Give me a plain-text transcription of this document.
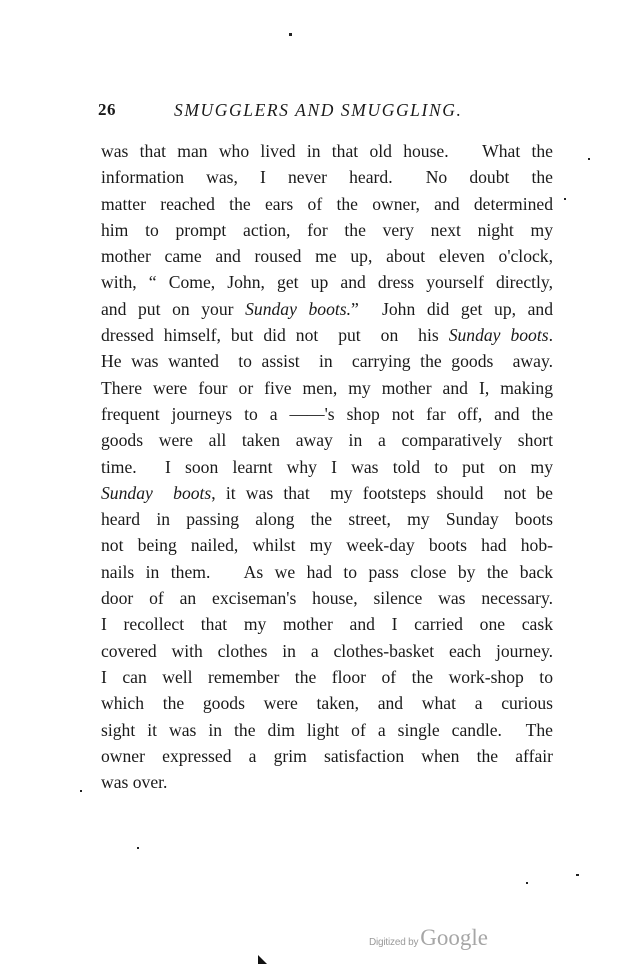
26	SMUGGLERS AND SMUGGLING.
was that man who lived in that old house.   What the
information  was,  I  never  heard.   No  doubt  the
matter reached the ears of the owner, and determined
him  to  prompt  action,  for  the  very  next  night  my
mother came and roused me up, about eleven o'clock,
with, “ Come, John, get up and dress yourself directly,
and put on your Sunday boots.”  John did get up, and
dressed himself, but did not  put  on  his Sunday boots.
He was wanted  to assist  in  carrying the goods  away.
There were four or five men, my mother and I, making
frequent journeys to a ——'s shop not far off, and the
goods were all taken away in a comparatively short
time.  I soon learnt why I was told to put on my
Sunday  boots, it was that  my footsteps should  not be
heard in passing along the street, my Sunday boots
not being nailed, whilst my week-day boots had hob-
nails in them.   As we had to pass close by the back
door of an exciseman's house, silence was necessary.
I recollect that my mother and I carried one cask
covered with clothes in a clothes-basket each journey.
I can well remember the floor of the work-shop to
which the goods were taken, and what a curious
sight it was in the dim light of a single candle.  The
owner expressed a grim satisfaction when the affair
was over.
Digitized byGoogle
